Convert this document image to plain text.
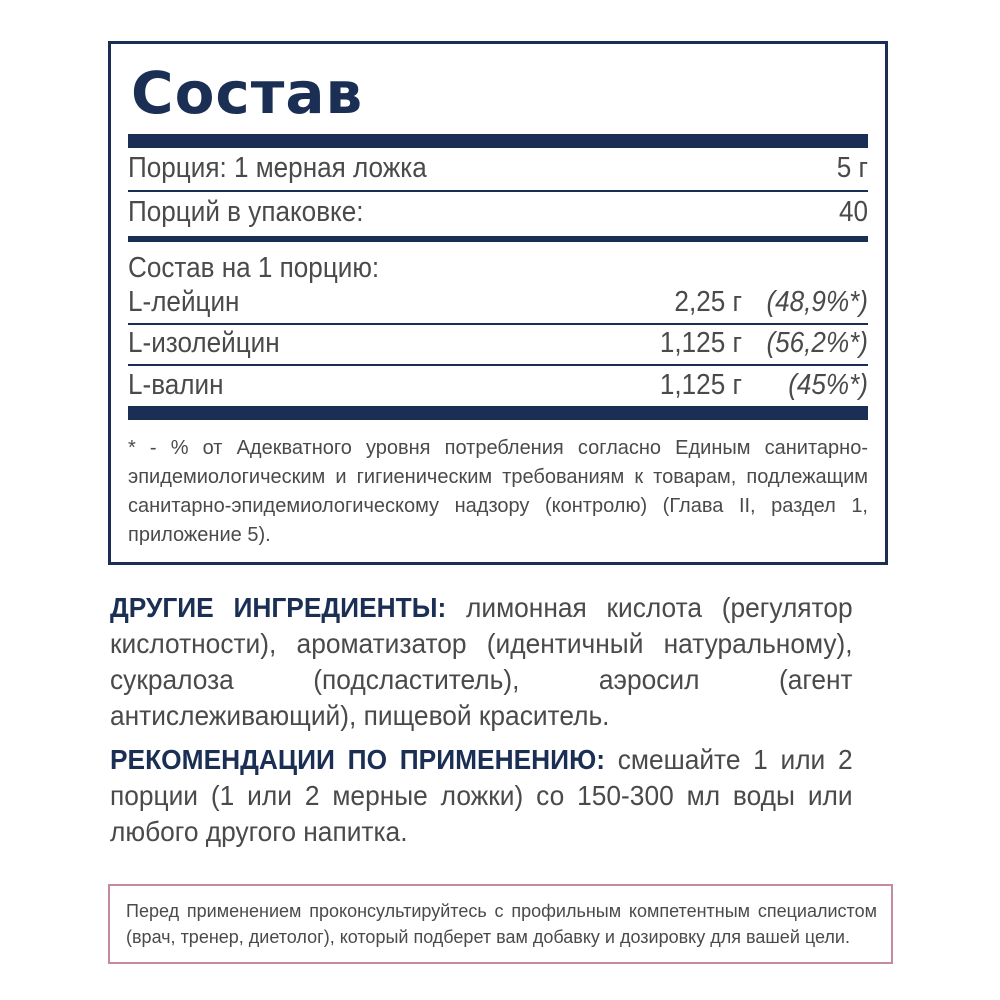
Состав
Порция: 1 мерная ложка	5 г
Порций в упаковке:	40
Состав на 1 порцию:
L-лейцин	2,25 г (48,9%*)
L-изолейцин	1,125 г (56,2%*)
L-валин	1,125 г (45%*)

* - % от Адекватного уровня потребления согласно Единым санитарно-эпидемиологическим и гигиеническим требованиям к товарам, подлежащим санитарно-эпидемиологическому надзору (контролю) (Глава II, раздел 1, приложение 5).

ДРУГИЕ ИНГРЕДИЕНТЫ: лимонная кислота (регулятор кислотности), ароматизатор (идентичный натуральному), сукралоза (подсластитель), аэросил (агент антислеживающий), пищевой краситель.

РЕКОМЕНДАЦИИ ПО ПРИМЕНЕНИЮ: смешайте 1 или 2 порции (1 или 2 мерные ложки) со 150-300 мл воды или любого другого напитка.

Перед применением проконсультируйтесь с профильным компетентным специалистом (врач, тренер, диетолог), который подберет вам добавку и дозировку для вашей цели.
